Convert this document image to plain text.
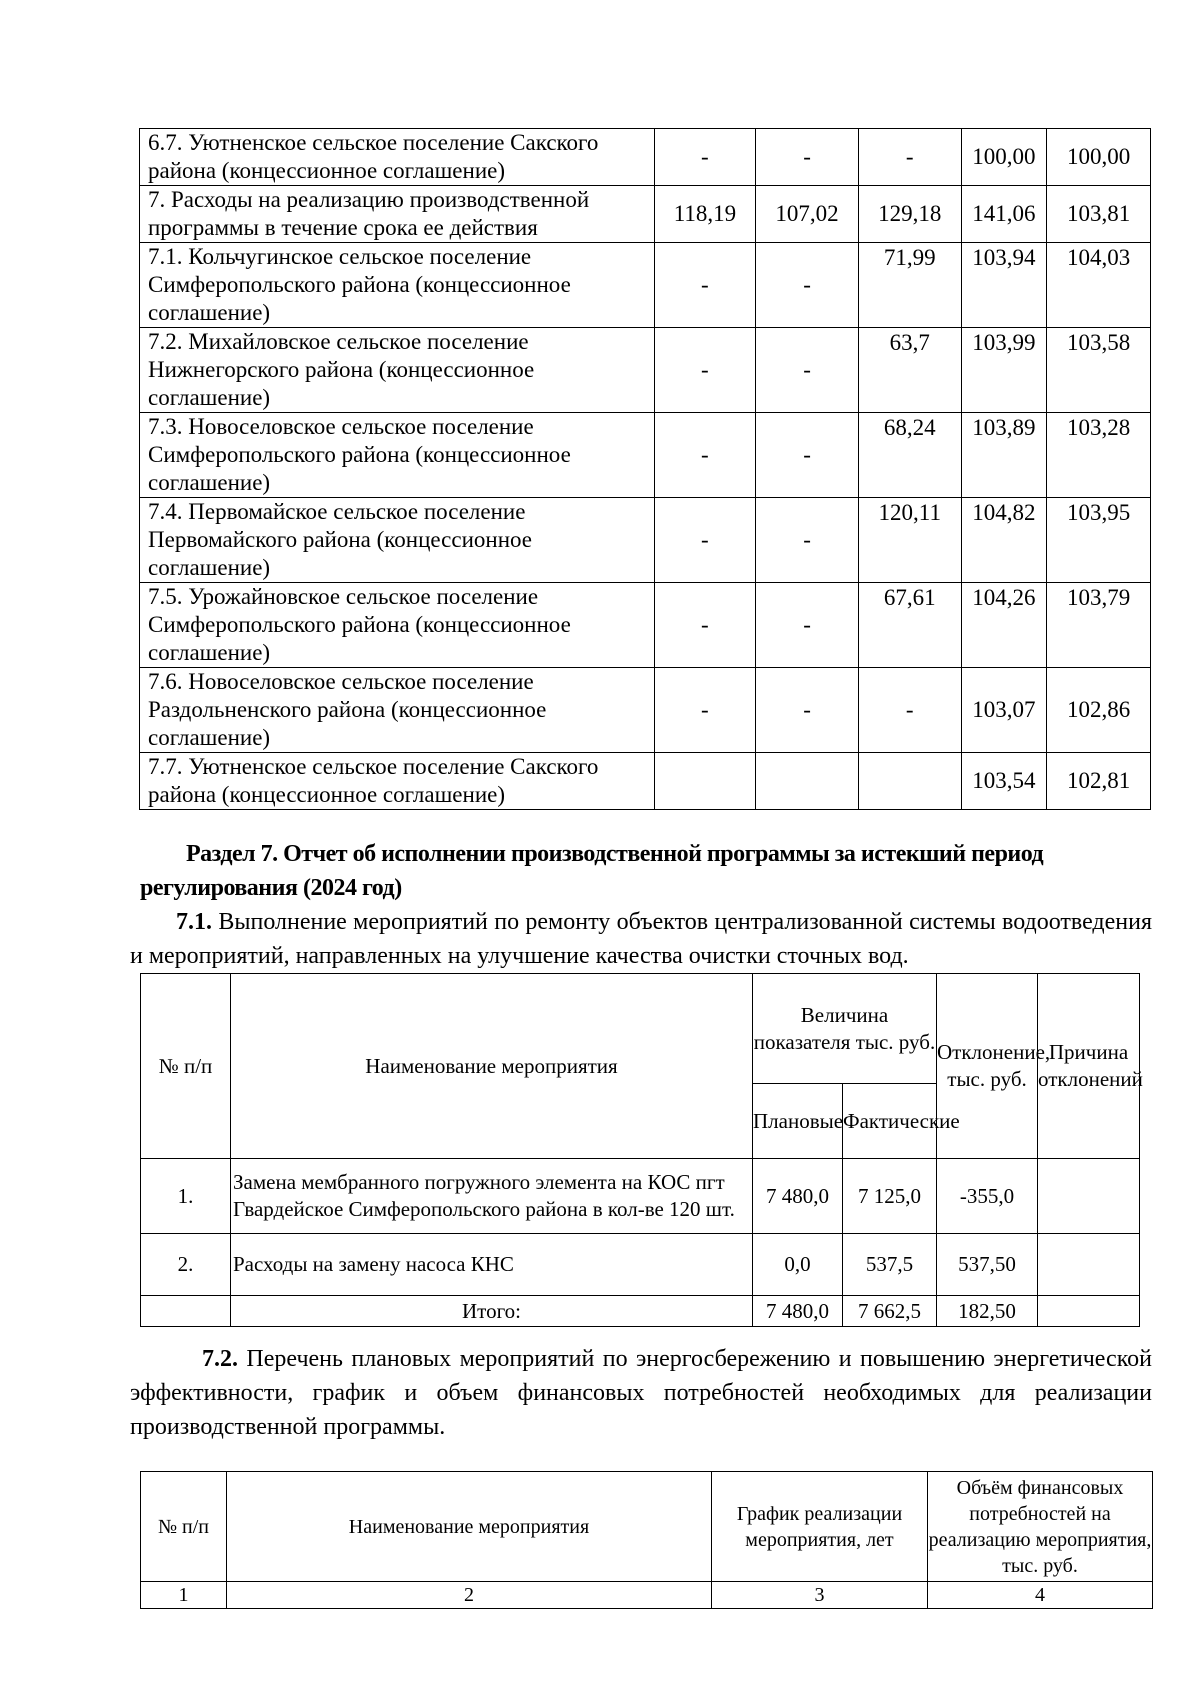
6.7. Уютненское сельское поселение Сакского района (концессионное соглашение)	-	-	-	100,00	100,00
7. Расходы на реализацию производственной программы в течение срока ее действия	118,19	107,02	129,18	141,06	103,81
7.1. Кольчугинское сельское поселение Симферопольского района (концессионное соглашение)	-	-	71,99	103,94	104,03
7.2. Михайловское сельское поселение Нижнегорского района (концессионное соглашение)	-	-	63,7	103,99	103,58
7.3. Новоселовское сельское поселение Симферопольского района (концессионное соглашение)	-	-	68,24	103,89	103,28
7.4. Первомайское сельское поселение Первомайского района (концессионное соглашение)	-	-	120,11	104,82	103,95
7.5. Урожайновское сельское поселение Симферопольского района (концессионное соглашение)	-	-	67,61	104,26	103,79
7.6. Новоселовское сельское поселение Раздольненского района (концессионное соглашение)	-	-	-	103,07	102,86
7.7. Уютненское сельское поселение Сакского района (концессионное соглашение)				103,54	102,81
Раздел 7. Отчет об исполнении производственной программы за истекший период регулирования (2024 год)
7.1. Выполнение мероприятий по ремонту объектов централизованной системы водоотведения и мероприятий, направленных на улучшение качества очистки сточных вод.
№ п/п	Наименование мероприятия	Величина показателя тыс. руб.		Отклонение, тыс. руб.	Причина отклонений
		Плановые	Фактические		
1.	Замена мембранного погружного элемента на КОС пгт Гвардейское Симферопольского района в кол-ве 120 шт.	7 480,0	7 125,0	-355,0	
2.	Расходы на замену насоса КНС	0,0	537,5	537,50	
	Итого:	7 480,0	7 662,5	182,50	
7.2. Перечень плановых мероприятий по энергосбережению и повышению энергетической эффективности, график и объем финансовых потребностей необходимых для реализации производственной программы.
№ п/п	Наименование мероприятия	График реализации мероприятия, лет	Объём финансовых потребностей на реализацию мероприятия, тыс. руб.
1	2	3	4
